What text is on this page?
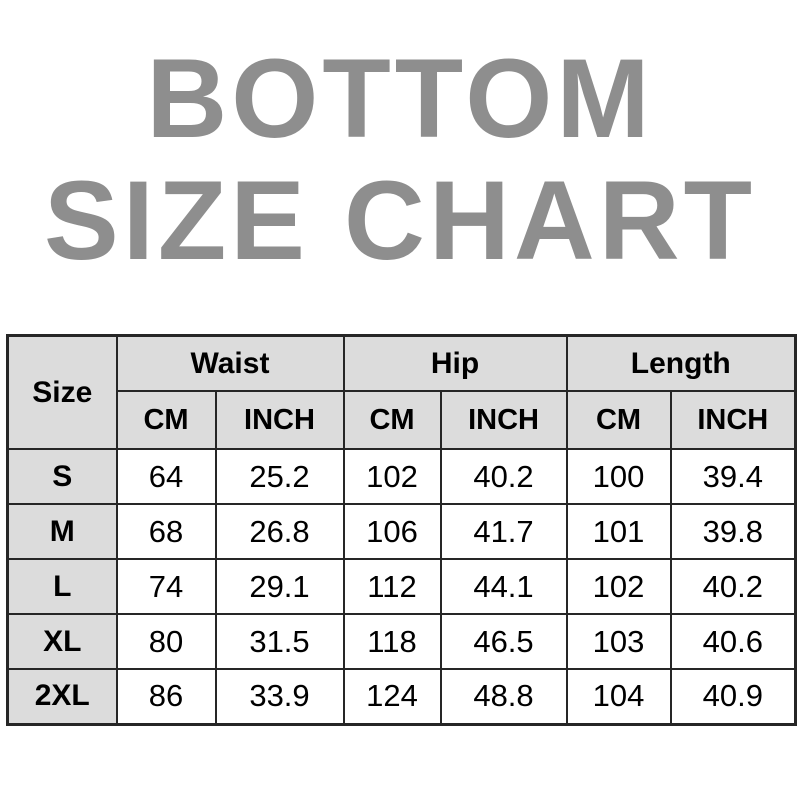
BOTTOM
SIZE CHART
Size	Waist		Hip		Length	
	CM	INCH	CM	INCH	CM	INCH
S	64	25.2	102	40.2	100	39.4
M	68	26.8	106	41.7	101	39.8
L	74	29.1	112	44.1	102	40.2
XL	80	31.5	118	46.5	103	40.6
2XL	86	33.9	124	48.8	104	40.9
